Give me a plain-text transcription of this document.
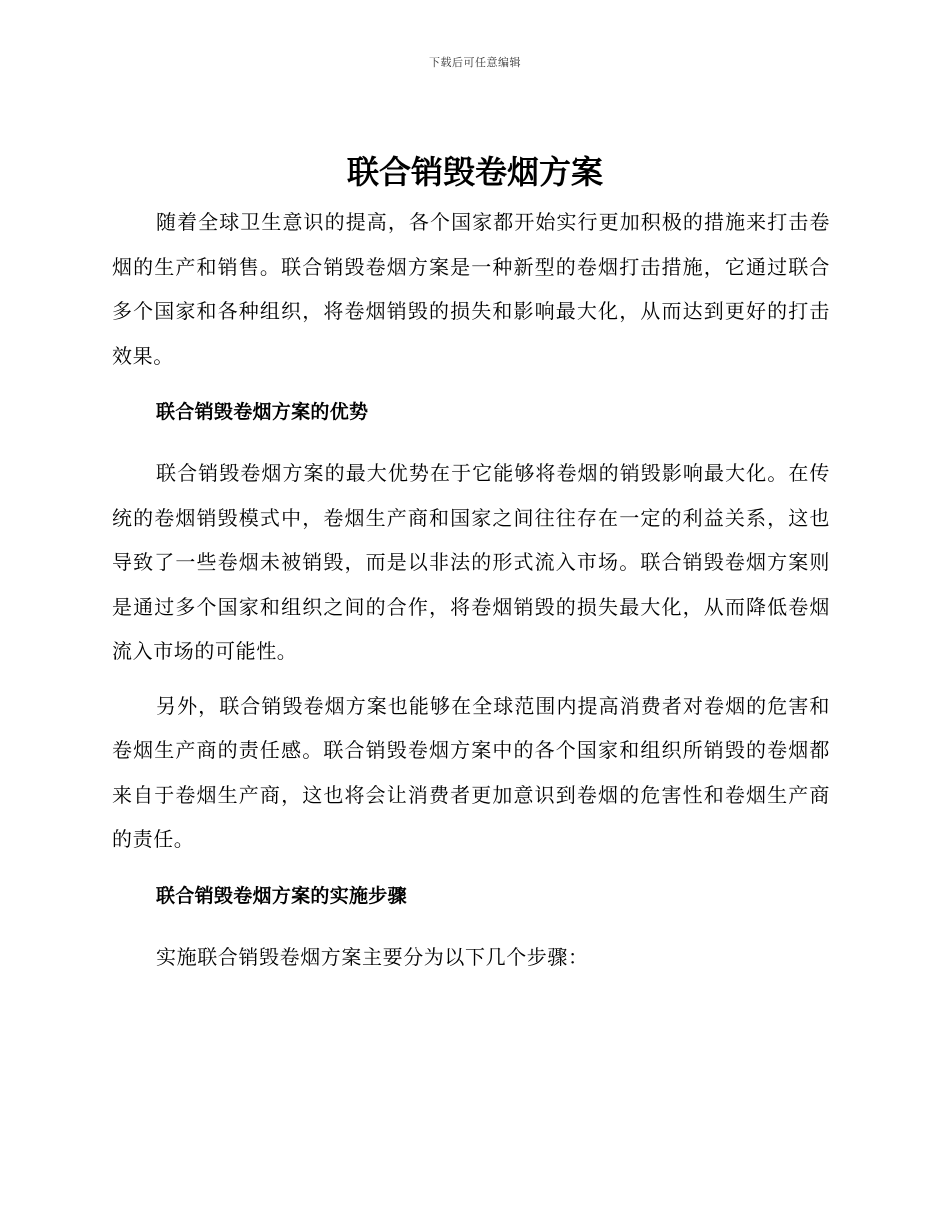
下载后可任意编辑
联合销毁卷烟方案

随着全球卫生意识的提高，各个国家都开始实行更加积极的措施来打击卷烟的生产和销售。联合销毁卷烟方案是一种新型的卷烟打击措施，它通过联合多个国家和各种组织，将卷烟销毁的损失和影响最大化，从而达到更好的打击效果。

联合销毁卷烟方案的优势

联合销毁卷烟方案的最大优势在于它能够将卷烟的销毁影响最大化。在传统的卷烟销毁模式中，卷烟生产商和国家之间往往存在一定的利益关系，这也导致了一些卷烟未被销毁，而是以非法的形式流入市场。联合销毁卷烟方案则是通过多个国家和组织之间的合作，将卷烟销毁的损失最大化，从而降低卷烟流入市场的可能性。

另外，联合销毁卷烟方案也能够在全球范围内提高消费者对卷烟的危害和卷烟生产商的责任感。联合销毁卷烟方案中的各个国家和组织所销毁的卷烟都来自于卷烟生产商，这也将会让消费者更加意识到卷烟的危害性和卷烟生产商的责任。

联合销毁卷烟方案的实施步骤

实施联合销毁卷烟方案主要分为以下几个步骤：
